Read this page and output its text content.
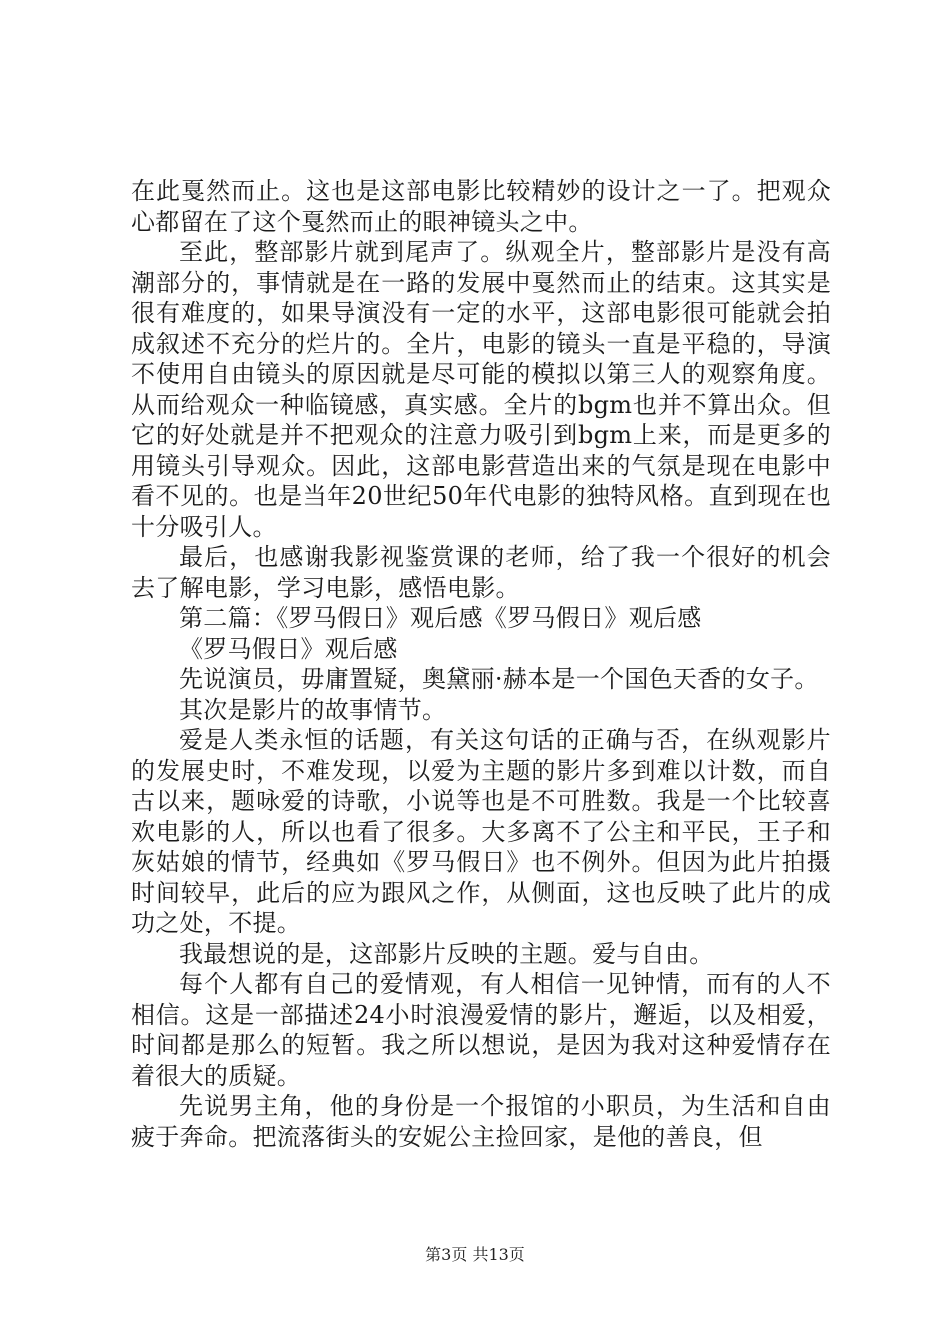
在此戛然而止。这也是这部电影比较精妙的设计之一了。把观众心都留在了这个戛然而止的眼神镜头之中。

至此，整部影片就到尾声了。纵观全片，整部影片是没有高潮部分的，事情就是在一路的发展中戛然而止的结束。这其实是很有难度的，如果导演没有一定的水平，这部电影很可能就会拍成叙述不充分的烂片的。全片，电影的镜头一直是平稳的，导演不使用自由镜头的原因就是尽可能的模拟以第三人的观察角度。从而给观众一种临镜感，真实感。全片的bgm也并不算出众。但它的好处就是并不把观众的注意力吸引到bgm上来，而是更多的用镜头引导观众。因此，这部电影营造出来的气氛是现在电影中看不见的。也是当年20世纪50年代电影的独特风格。直到现在也十分吸引人。

最后，也感谢我影视鉴赏课的老师，给了我一个很好的机会去了解电影，学习电影，感悟电影。

第二篇：《罗马假日》观后感《罗马假日》观后感

《罗马假日》观后感

先说演员，毋庸置疑，奥黛丽·赫本是一个国色天香的女子。

其次是影片的故事情节。

爱是人类永恒的话题，有关这句话的正确与否，在纵观影片的发展史时，不难发现，以爱为主题的影片多到难以计数，而自古以来，题咏爱的诗歌，小说等也是不可胜数。我是一个比较喜欢电影的人，所以也看了很多。大多离不了公主和平民，王子和灰姑娘的情节，经典如《罗马假日》也不例外。但因为此片拍摄时间较早，此后的应为跟风之作，从侧面，这也反映了此片的成功之处，不提。

我最想说的是，这部影片反映的主题。爱与自由。

每个人都有自己的爱情观，有人相信一见钟情，而有的人不相信。这是一部描述24小时浪漫爱情的影片，邂逅，以及相爱，时间都是那么的短暂。我之所以想说，是因为我对这种爱情存在着很大的质疑。

先说男主角，他的身份是一个报馆的小职员，为生活和自由疲于奔命。把流落街头的安妮公主捡回家，是他的善良，但

第3页 共13页
